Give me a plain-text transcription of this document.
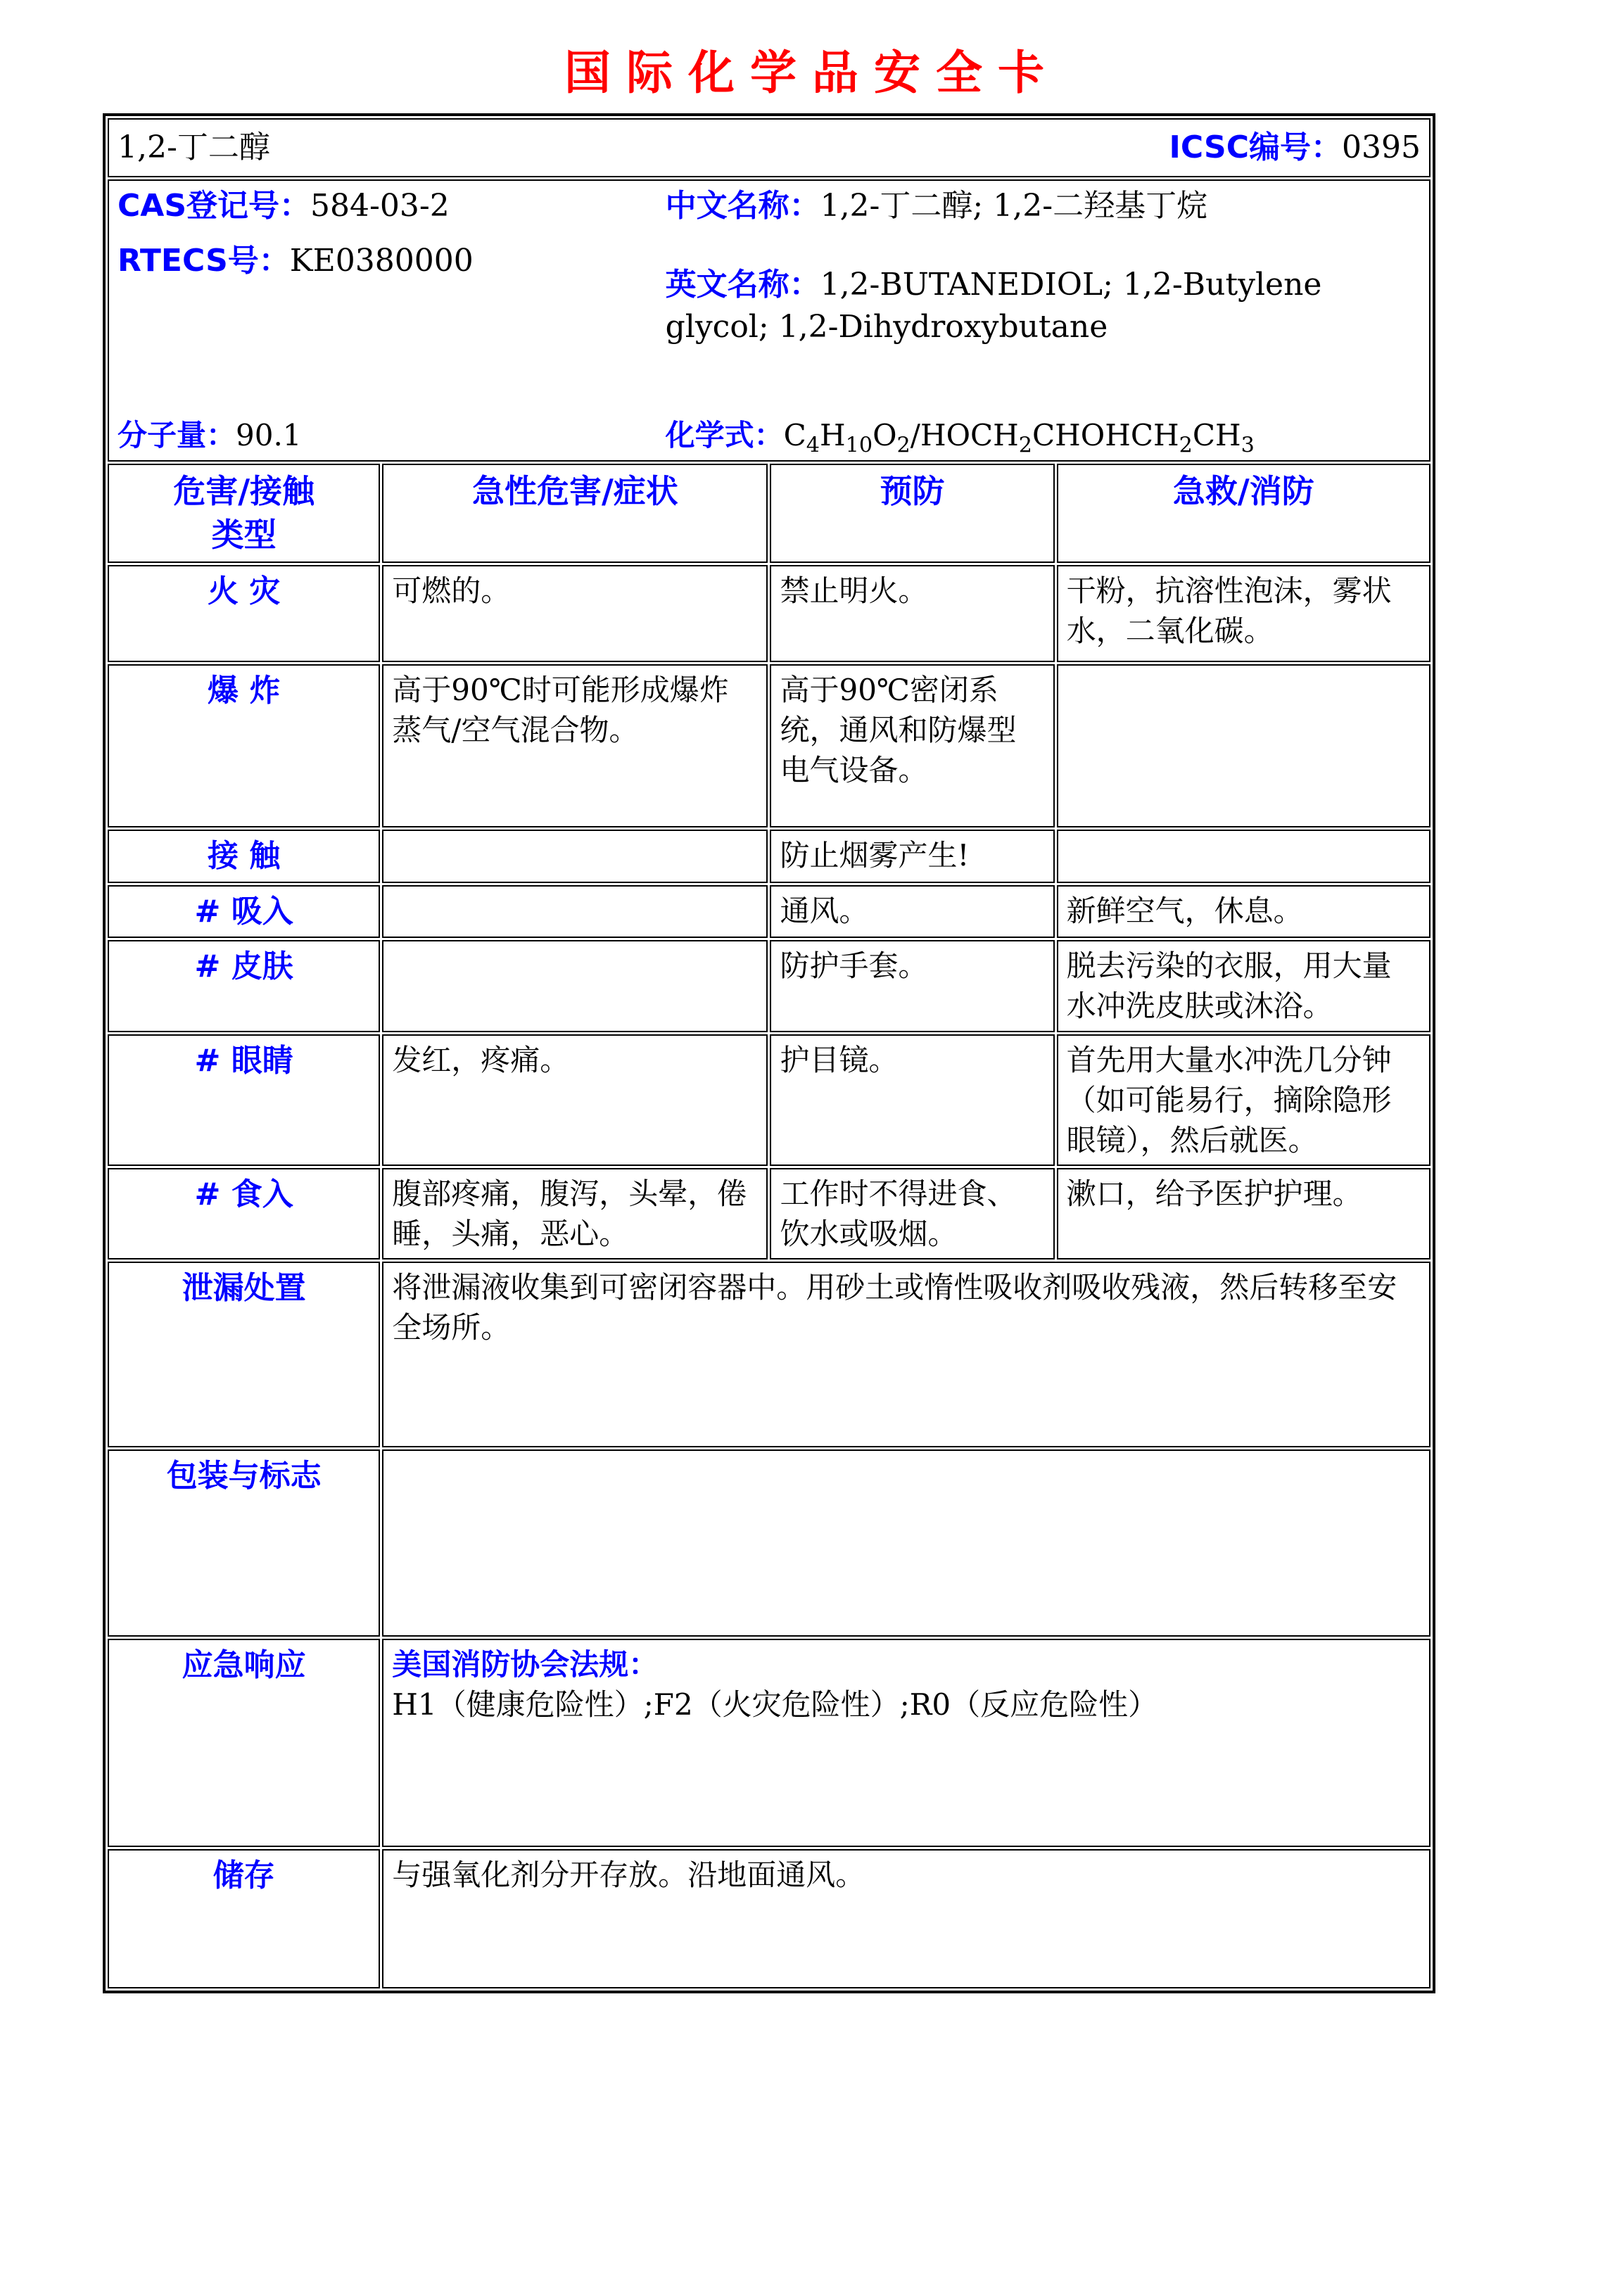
国际化学品安全卡
1,2-丁二醇 ICSC编号：0395			

CAS登记号：584-03-2
RTECS号：KE0380000
中文名称：1,2-丁二醇; 1,2-二羟基丁烷
英文名称：1,2-BUTANEDIOL; 1,2-Butylene glycol; 1,2-Dihydroxybutane
分子量：90.1	化学式：$C_4H_{10}O_2/HOCH_2CHOHCH_2CH_3$

危害/接触
类型	急性危害/症状	预防	急救/消防
火 灾	可燃的。	禁止明火。	干粉，抗溶性泡沫，雾状水，二氧化碳。
爆 炸	高于90℃时可能形成爆炸蒸气/空气混合物。	高于90℃密闭系统，通风和防爆型电气设备。	
接 触		防止烟雾产生!	
# 吸入		通风。	新鲜空气，休息。
# 皮肤		防护手套。	脱去污染的衣服，用大量水冲洗皮肤或沐浴。
# 眼睛	发红，疼痛。	护目镜。	首先用大量水冲洗几分钟（如可能易行，摘除隐形眼镜），然后就医。
# 食入	腹部疼痛，腹泻，头晕，倦睡，头痛，恶心。	工作时不得进食、饮水或吸烟。	漱口，给予医护护理。
泄漏处置	将泄漏液收集到可密闭容器中。用砂土或惰性吸收剂吸收残液，然后转移至安全场所。		
包装与标志			
应急响应	美国消防协会法规：H1（健康危险性）;F2（火灾危险性）;R0（反应危险性）		
储存	与强氧化剂分开存放。沿地面通风。		
